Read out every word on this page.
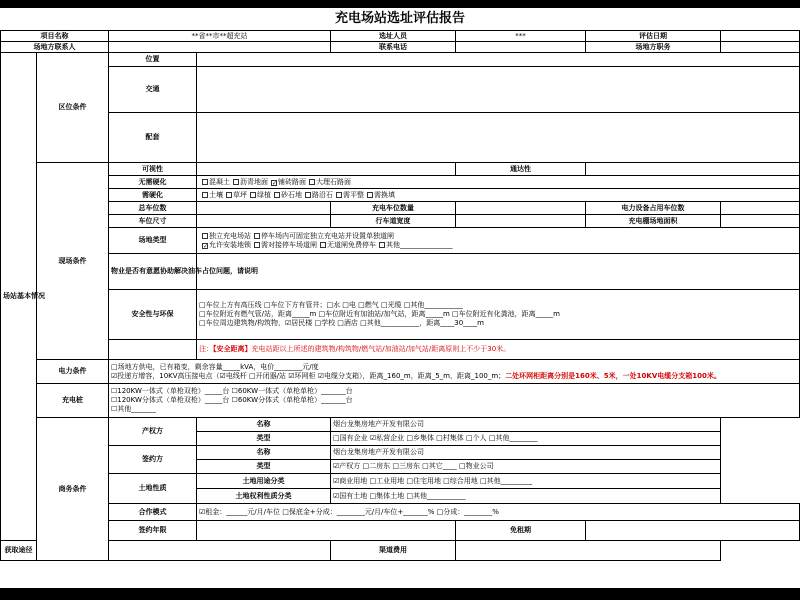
充电场站选址评估报告
项目名称		**省**市**超充站		选址人员	***	评估日期	
场地方联系人				联系电话		场地方职务	
场站基本情况	区位条件	位置					
		交通					
		配套					
	现场条件	可视性			通达性		
		无需硬化	混凝土 沥青地面 ✓ 铺砖路面 大理石路面
		需硬化	土壤 草坪 绿植 砂石地 路沿石 需平整 需换填				
		总车位数		充电车位数量		电力设备占用车位数	
		车位尺寸		行车道宽度		充电棚场地面积	
		场地类型	独立充电场站 停车场内可固定独立充电站并设置单独道闸
✓允许安装地锁 需对接停车场道闸 无道闸免费停车 其他_______________

		物业是否有意愿协助解决油车占位问题，请说明					
		安全性与环保	□车位上方有高压线 □车位下方有管井；□水 □电 □燃气 □光缆 □其他___________
□车位附近有燃气管/站，距离_____m □车位附近有加油站/加气站，距离_____m □车位附近有化粪池，距离_____m
□车位周边建筑物/构筑物，☑居民楼 □学校 □酒店 □其他___________，距离____30____m				

			注：【安全距离】充电站距以上所述的建筑物/构筑物/燃气站/加油站/加气站/距离原则上不少于30米。				
	电力条件	□场地方供电，已有箱变，剩余容量_____kVA，电价________元/度
☑投递方增容，10KV高压接电点（☑电线杆 □开闭器/站 ☑环网柜 ☑电缆分支箱），距离_160_m，距离_5_m，距离_100_m；二处环网柜距离分别是160米、5米，一处10KV电缆分支箱100米。					

	充电桩	☐120KW一体式（单枪双枪）_____台 ☐60KW一体式（单枪单枪）_______台
☐120KW分体式（单枪双枪）_____台 ☐60KW分体式（单枪单枪）_______台
☐其他_______					

	商务条件	产权方	名称	烟台龙集房地产开发有限公司			
			类型	□国有企业 ☑私营企业 □乡集体 □村集体 □个人 □其他________			
		签约方	名称	烟台龙集房地产开发有限公司			
			类型	☑产权方 □二房东 □三房东 □其它____ □物业公司			
		土地性质	土地用途分类	☑商业用地 □工业用地 □住宅用地 □综合用地 □其他_________			
			土地权利性质分类	☑国有土地 □集体土地 □其他___________			
		合作模式	☑租金：______元/月/车位 □保底金+分成：________元/月/车位+_______% □分成：________%				
		签约年限			免租期		
获取途径				渠道费用			
